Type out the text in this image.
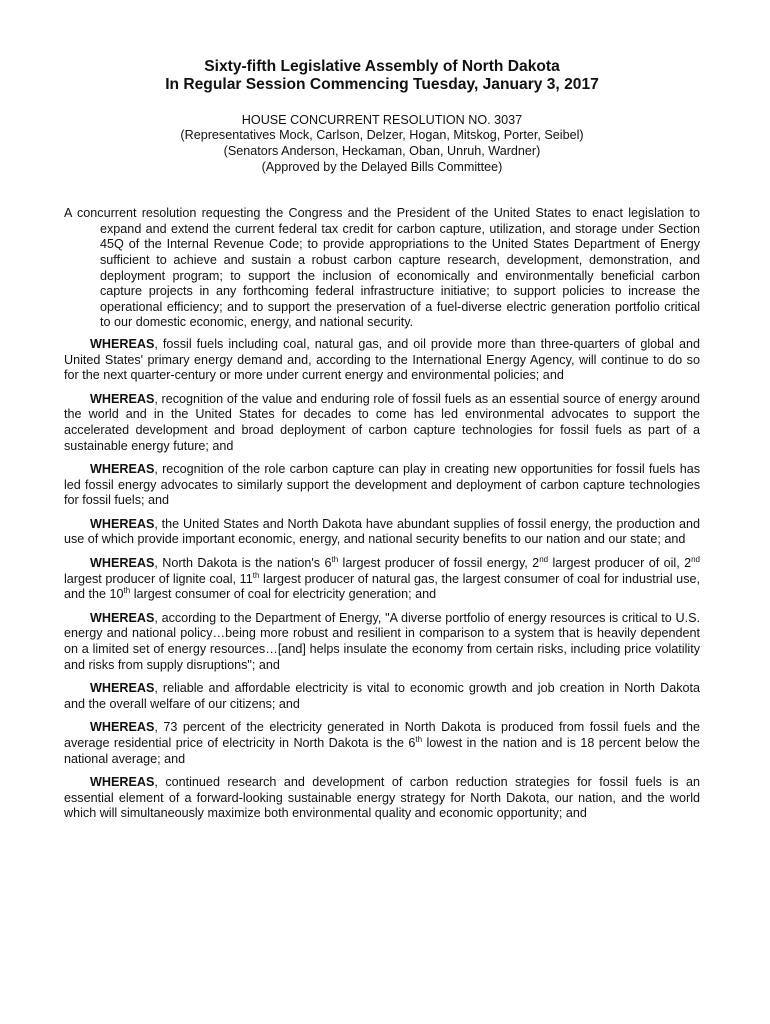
Sixty-fifth Legislative Assembly of North Dakota
In Regular Session Commencing Tuesday, January 3, 2017
HOUSE CONCURRENT RESOLUTION NO. 3037
(Representatives Mock, Carlson, Delzer, Hogan, Mitskog, Porter, Seibel)
(Senators Anderson, Heckaman, Oban, Unruh, Wardner)
(Approved by the Delayed Bills Committee)

A concurrent resolution requesting the Congress and the President of the United States to enact legislation to expand and extend the current federal tax credit for carbon capture, utilization, and storage under Section 45Q of the Internal Revenue Code; to provide appropriations to the United States Department of Energy sufficient to achieve and sustain a robust carbon capture research, development, demonstration, and deployment program; to support the inclusion of economically and environmentally beneficial carbon capture projects in any forthcoming federal infrastructure initiative; to support policies to increase the operational efficiency; and to support the preservation of a fuel-diverse electric generation portfolio critical to our domestic economic, energy, and national security.

WHEREAS, fossil fuels including coal, natural gas, and oil provide more than three-quarters of global and United States' primary energy demand and, according to the International Energy Agency, will continue to do so for the next quarter-century or more under current energy and environmental policies; and

WHEREAS, recognition of the value and enduring role of fossil fuels as an essential source of energy around the world and in the United States for decades to come has led environmental advocates to support the accelerated development and broad deployment of carbon capture technologies for fossil fuels as part of a sustainable energy future; and

WHEREAS, recognition of the role carbon capture can play in creating new opportunities for fossil fuels has led fossil energy advocates to similarly support the development and deployment of carbon capture technologies for fossil fuels; and

WHEREAS, the United States and North Dakota have abundant supplies of fossil energy, the production and use of which provide important economic, energy, and national security benefits to our nation and our state; and

WHEREAS, North Dakota is the nation's 6th largest producer of fossil energy, 2nd largest producer of oil, 2nd largest producer of lignite coal, 11th largest producer of natural gas, the largest consumer of coal for industrial use, and the 10th largest consumer of coal for electricity generation; and

WHEREAS, according to the Department of Energy, "A diverse portfolio of energy resources is critical to U.S. energy and national policy…being more robust and resilient in comparison to a system that is heavily dependent on a limited set of energy resources…[and] helps insulate the economy from certain risks, including price volatility and risks from supply disruptions"; and

WHEREAS, reliable and affordable electricity is vital to economic growth and job creation in North Dakota and the overall welfare of our citizens; and

WHEREAS, 73 percent of the electricity generated in North Dakota is produced from fossil fuels and the average residential price of electricity in North Dakota is the 6th lowest in the nation and is 18 percent below the national average; and

WHEREAS, continued research and development of carbon reduction strategies for fossil fuels is an essential element of a forward-looking sustainable energy strategy for North Dakota, our nation, and the world which will simultaneously maximize both environmental quality and economic opportunity; and
